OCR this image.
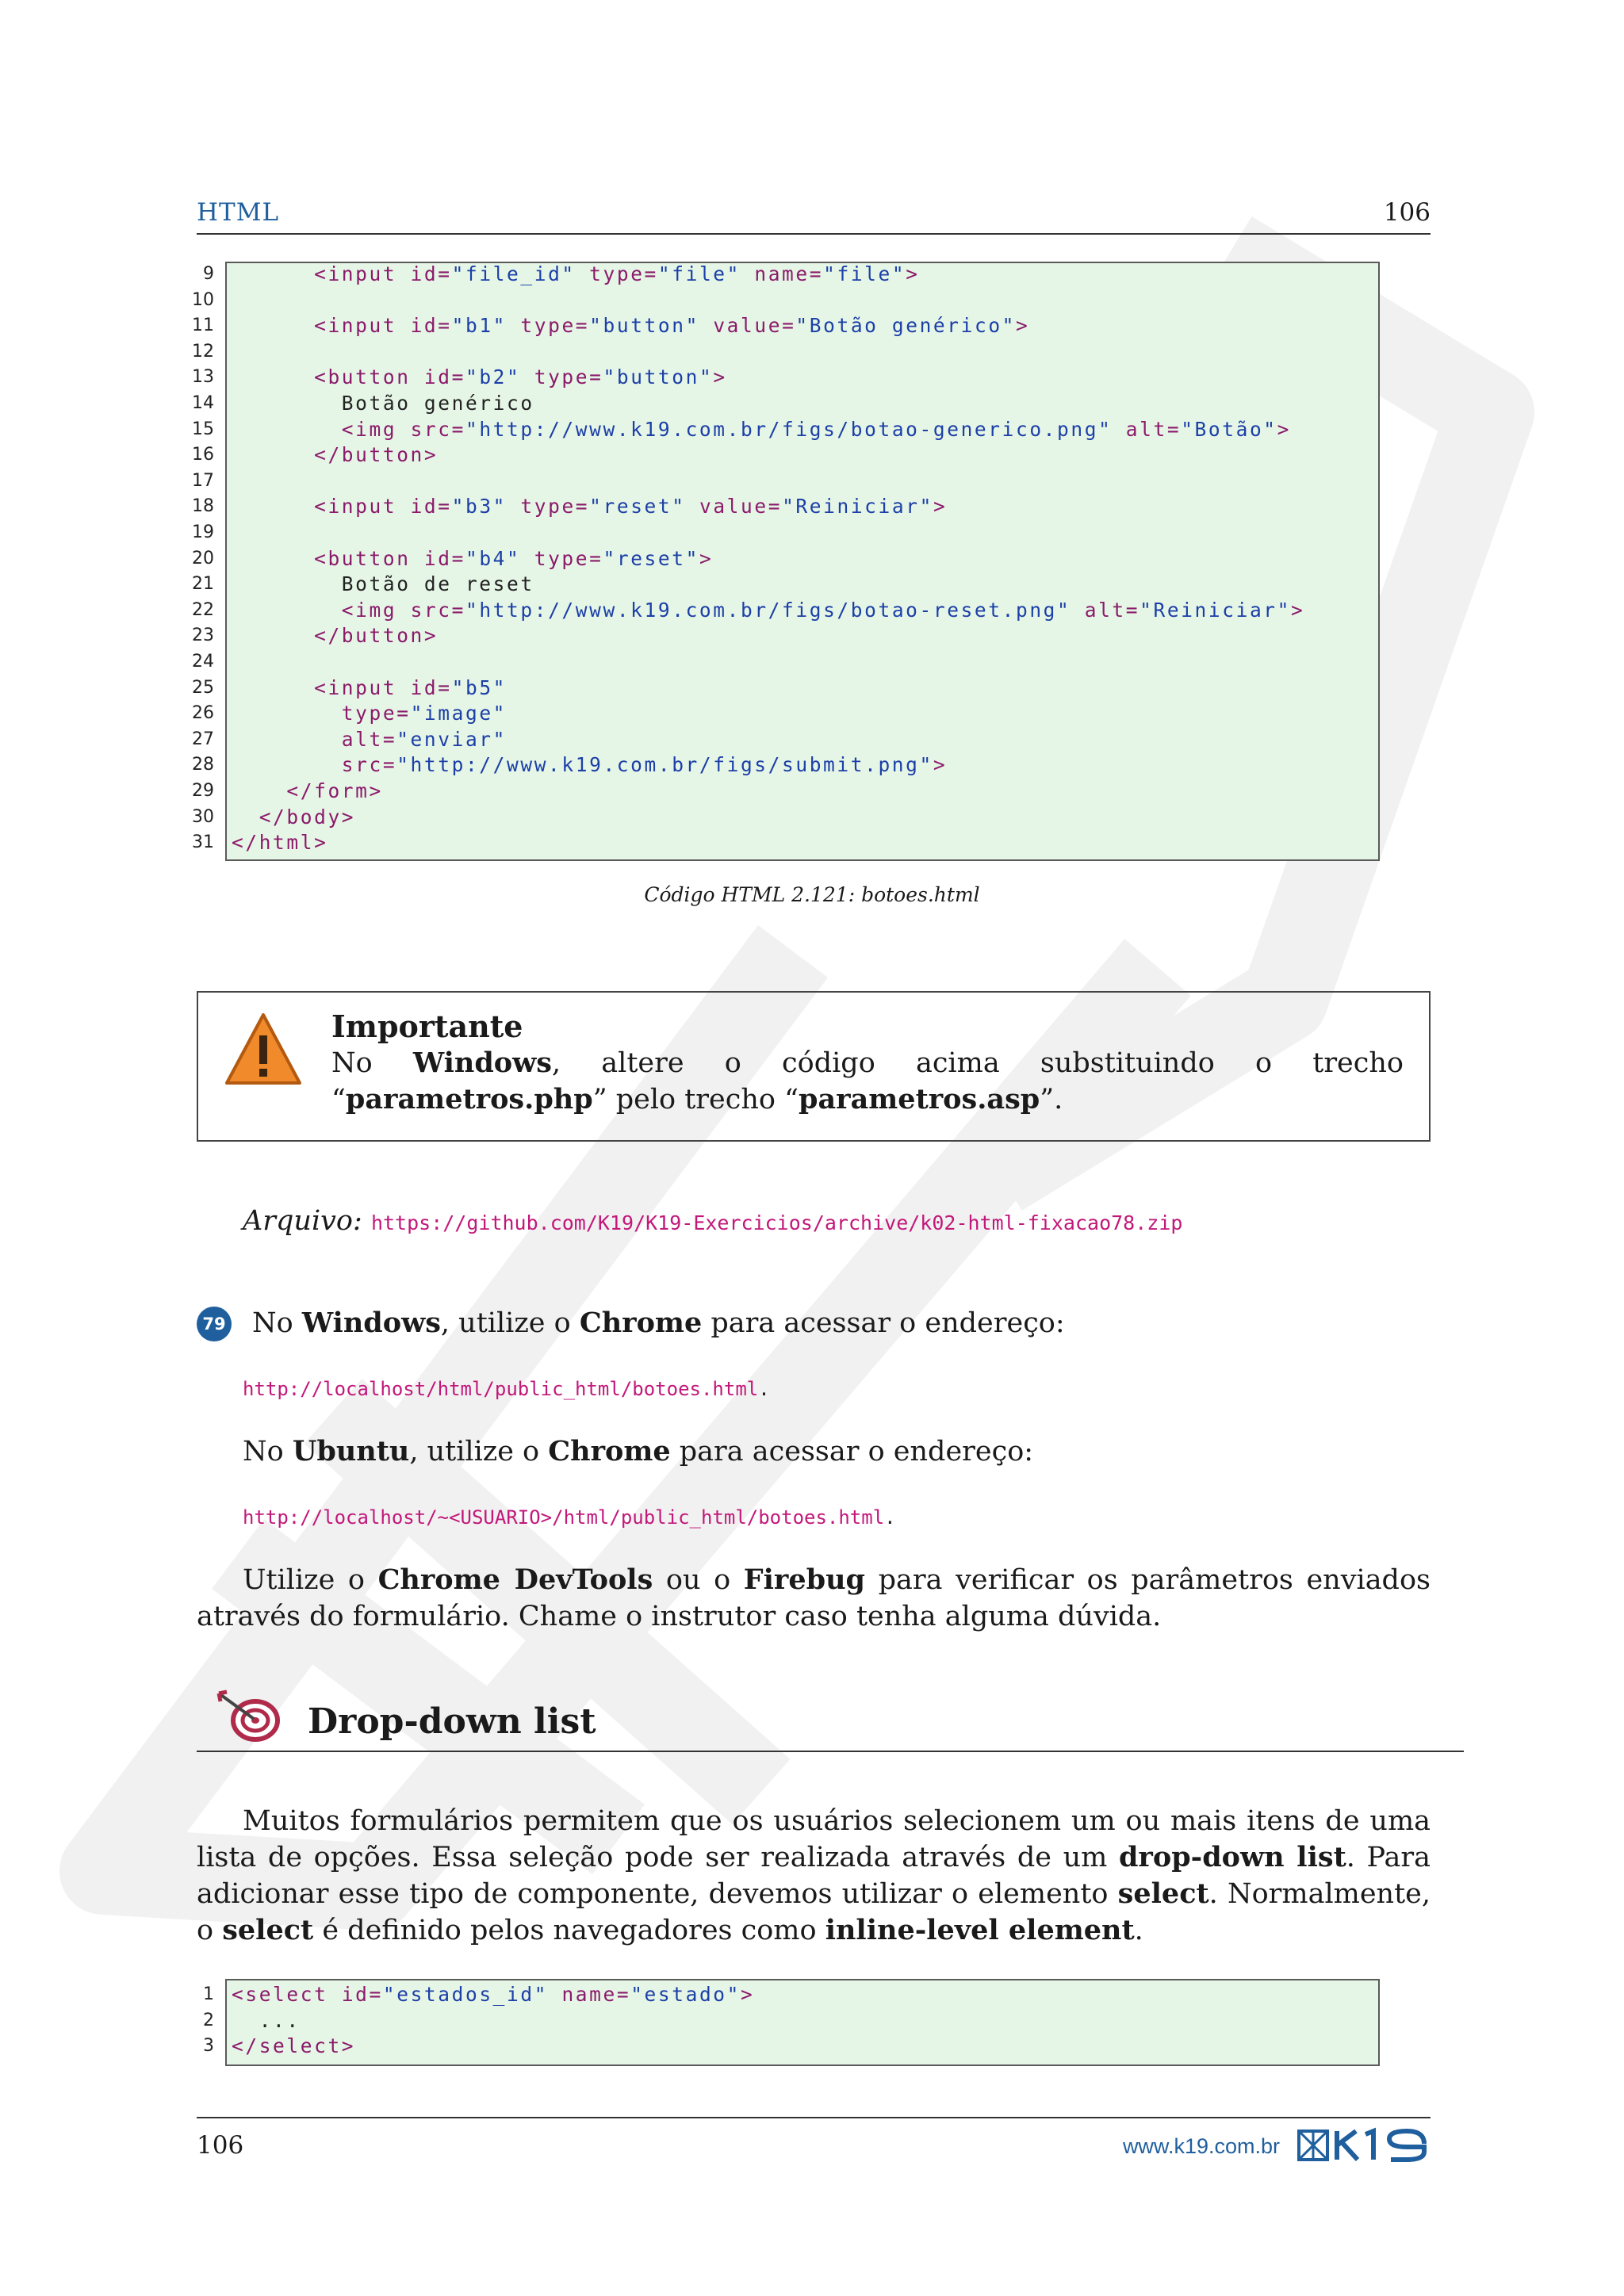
HTML	106
9 <input id="file_id" type="file" name="file">
10
11 <input id="b1" type="button" value="Botão genérico">
12
13 <button id="b2" type="button">
14 Botão genérico
15 <img src="http://www.k19.com.br/figs/botao-generico.png" alt="Botão">
16 </button>
17
18 <input id="b3" type="reset" value="Reiniciar">
19
20 <button id="b4" type="reset">
21 Botão de reset
22 <img src="http://www.k19.com.br/figs/botao-reset.png" alt="Reiniciar">
23 </button>
24
25 <input id="b5"
26 type="image"
27 alt="enviar"
28 src="http://www.k19.com.br/figs/submit.png">
29 </form>
30 </body>
31 </html>
Código HTML 2.121: botoes.html
Importante
No Windows, altere o código acima substituindo o trecho “parametros.php” pelo trecho “parametros.asp”.
Arquivo: https://github.com/K19/K19-Exercicios/archive/k02-html-fixacao78.zip
79 No Windows, utilize o Chrome para acessar o endereço:
http://localhost/html/public_html/botoes.html.
No Ubuntu, utilize o Chrome para acessar o endereço:
http://localhost/~<USUARIO>/html/public_html/botoes.html.
Utilize o Chrome DevTools ou o Firebug para verificar os parâmetros enviados através do formulário. Chame o instrutor caso tenha alguma dúvida.
Drop-down list
Muitos formulários permitem que os usuários selecionem um ou mais itens de uma lista de opções. Essa seleção pode ser realizada através de um drop-down list. Para adicionar esse tipo de componente, devemos utilizar o elemento select. Normalmente, o select é definido pelos navegadores como inline-level element.
1 <select id="estados_id" name="estado">
2 ...
3 </select>
106	www.k19.com.br
